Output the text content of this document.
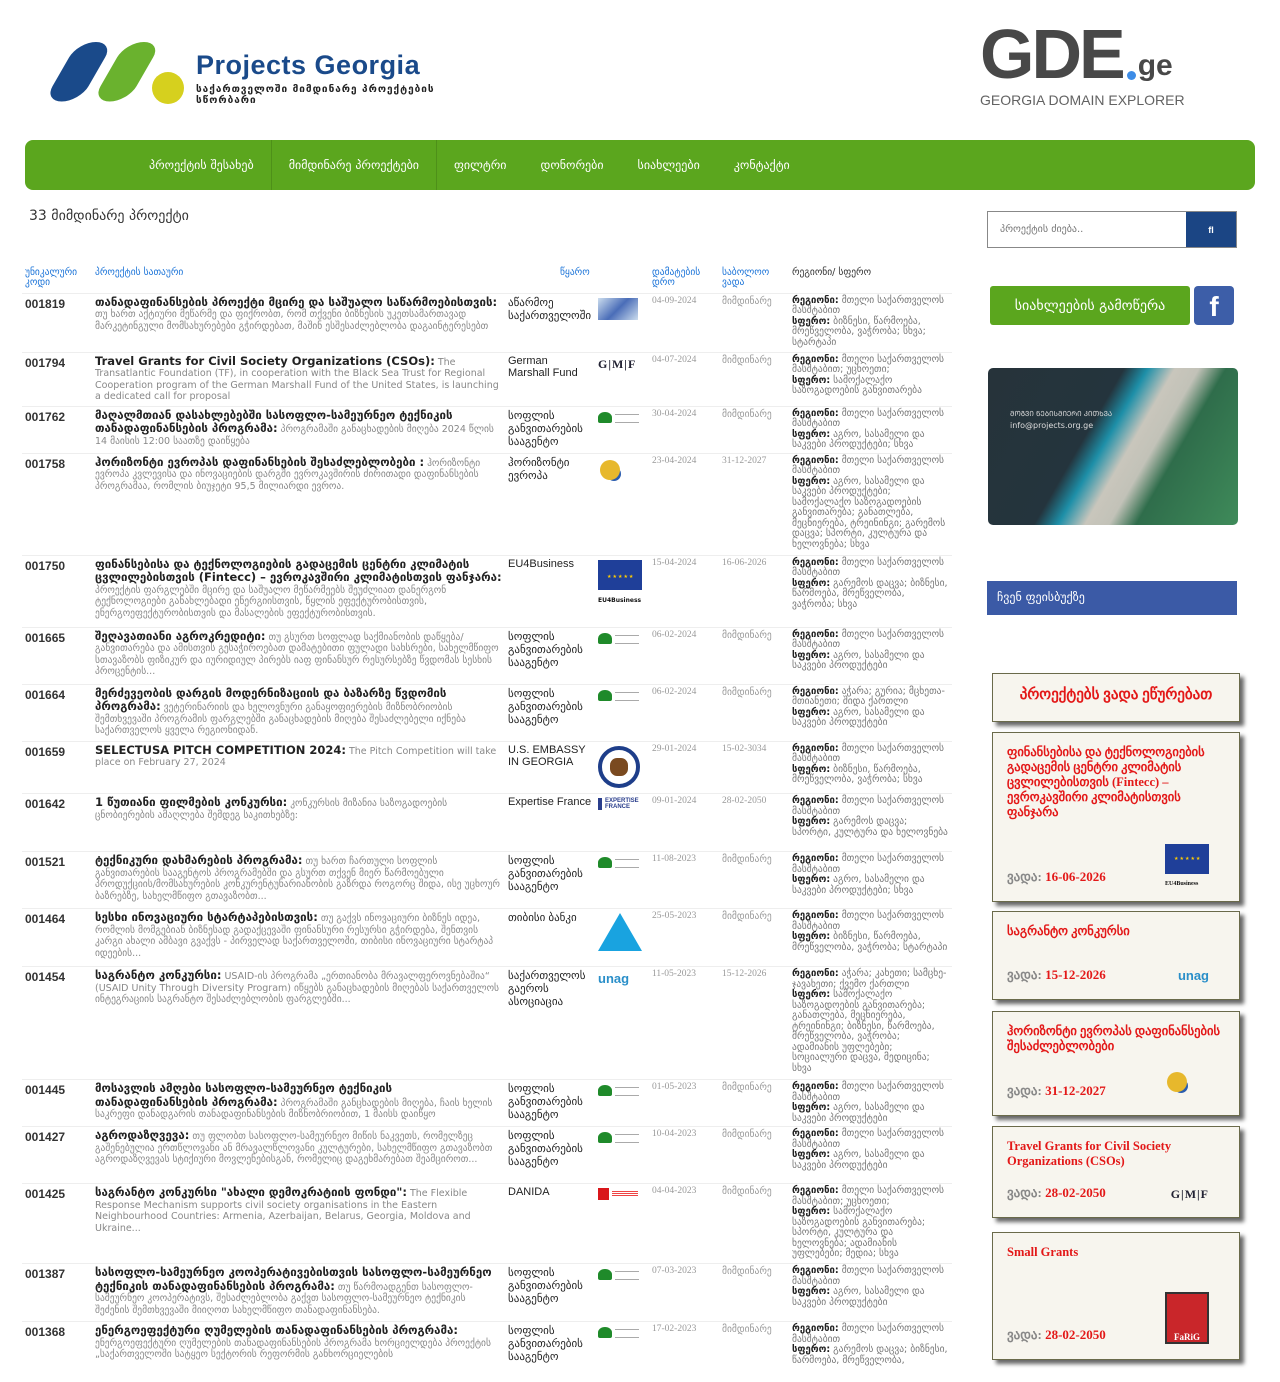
Projects Georgia
საქართველოში მიმდინარე პროექტების სწორბარი
პროექტის შესახებ	მიმდინარე პროექტები	ფილტრი	დონორები	სიახლეები	კონტაქტი
33 მიმდინარე პროექტი
უნიკალური კოდი	პროექტის სათაური	წყარო	დამატების დრო	საბოლოო ვადა	რეგიონი/ სფერო
001819	თანადაფინანსების პროექტი მცირე და საშუალო საწარმოებისთვის: თუ ხართ აქტიური მეწარმე და ფიქრობთ, რომ თქვენი ბიზნესის უკეთსამართავად მარკეტინგული მომსახურებები გჭირდებათ, მაშინ ესშესაძლებლობა დაგაინტერესებთ	აწარმოე საქართველოში		04-09-2024	მიმდინარე	რეგიონი: მთელი საქართველოს მასშტაბით
სფერო: ბიზნესი, წარმოება, მრეწველობა, ვაჭრობა; სხვა; სტარტაპი
001794	Travel Grants for Civil Society Organizations (CSOs): The Transatlantic Foundation (TF), in cooperation with the Black Sea Trust for Regional Cooperation program of the German Marshall Fund of the United States, is launching a dedicated call for proposal	German Marshall Fund	G|M|F	04-07-2024	მიმდინარე	რეგიონი: მთელი საქართველოს მასშტაბით; უცხოეთი;
სფერო: სამოქალაქო საზოგადოების განვითარება
001762	მაღალმთიან დასახლებებში სასოფლო-სამეურნეო ტექნიკის თანადაფინანსების პროგრამა: პროგრამაში განაცხადების მიღება 2024 წლის 14 მაისის 12:00 საათზე დაიწყება	სოფლის განვითარების სააგენტო		30-04-2024	მიმდინარე	რეგიონი: მთელი საქართველოს მასშტაბით
სფერო: აგრო, სასამელი და საკვები პროდუქტები; სხვა
001758	ჰორიზონტი ევროპას დაფინანსების შესაძლებლობები : ჰორიზონტი ევროპა კვლევისა და ინოვაციების დარგში ევროკავშირის ძირითადი დაფინანსების პროგრამაა, რომლის ბიუჯეტი 95,5 მილიარდი ევროა.	ჰორიზონტი ევროპა		23-04-2024	31-12-2027	რეგიონი: მთელი საქართველოს მასშტაბით
სფერო: აგრო, სასამელი და საკვები პროდუქტები; სამოქალაქო საზოგადოების განვითარება; განათლება, მეცნიერება, ტრეინინგი; გარემოს დაცვა; სპორტი, კულტურა და ხელოვნება; სხვა
001750	ფინანსებისა და ტექნოლოგიების გადაცემის ცენტრი კლიმატის ცვლილებისთვის (Fintecc) – ევროკავშირი კლიმატისთვის ფანჯარა: პროექტის ფარგლებში მცირე და საშუალო მეწარმეებს შეუძლიათ დანერგონ ტექნოლოგიები განახლებადი ენერგიისთვის, წყლის ეფექტურობისთვის, ენერგოეფექტურობისთვის და მასალების ეფექტურობისთვის.	EU4Business	★★★★★
EU4Business
	15-04-2024	16-06-2026	რეგიონი: მთელი საქართველოს მასშტაბით
სფერო: გარემოს დაცვა; ბიზნესი, წარმოება, მრეწველობა, ვაჭრობა; სხვა
001665	შეღავათიანი აგროკრედიტი: თუ გსურთ სოფლად საქმიანობის დაწყება/ განვითარება და ამისთვის გესაჭიროებათ დამატებითი ფულადი სახსრები, სახელმწიფო სთავაზობს ფიზიკურ და იურიდიულ პირებს იაფ ფინანსურ რესურსებზე წვდომას სესხის პროცენტის...	სოფლის განვითარების სააგენტო		06-02-2024	მიმდინარე	რეგიონი: მთელი საქართველოს მასშტაბით
სფერო: აგრო, სასამელი და საკვები პროდუქტები
001664	მერძევეობის დარგის მოდერნიზაციის და ბაზარზე წვდომის პროგრამა: ვეტერინარიის და ხელოვნური განაყოფიერების მიზნობრიობის შემთხვევაში პროგრამის ფარგლებში განაცხადების მიღება შესაძლებელი იქნება საქართველოს ყველა რეგიონიდან.	სოფლის განვითარების სააგენტო		06-02-2024	მიმდინარე	რეგიონი: აჭარა; გურია; მცხეთა-მთიანეთი; შიდა ქართლი
სფერო: აგრო, სასამელი და საკვები პროდუქტები
001659	SELECTUSA PITCH COMPETITION 2024: The Pitch Competition will take place on February 27, 2024	U.S. EMBASSY IN GEORGIA		29-01-2024	15-02-3034	რეგიონი: მთელი საქართველოს მასშტაბით
სფერო: ბიზნესი, წარმოება, მრეწველობა, ვაჭრობა; სხვა
001642	1 წუთიანი ფილმების კონკურსი: კონკურსის მიზანია საზოგადოების ცნობიერების ამაღლება შემდეგ საკითხებზე:	Expertise France	EXPERTISE FRANCE	09-01-2024	28-02-2050	რეგიონი: მთელი საქართველოს მასშტაბით
სფერო: გარემოს დაცვა; სპორტი, კულტურა და ხელოვნება
001521	ტექნიკური დახმარების პროგრამა: თუ ხართ ჩართული სოფლის განვითარების სააგენტოს პროგრამებში და გსურთ თქვენ მიერ წარმოებული პროდუქციის/მომსახურების კონკურენტუნარიანობის გაზრდა როგორც შიდა, ისე უცხოურ ბაზრებზე, სახელმწიფო გთავაზობთ...	სოფლის განვითარების სააგენტო		11-08-2023	მიმდინარე	რეგიონი: მთელი საქართველოს მასშტაბით
სფერო: აგრო, სასამელი და საკვები პროდუქტები; სხვა
001464	სესხი ინოვაციური სტარტაპებისთვის: თუ გაქვს ინოვაციური ბიზნეს იდეა, რომლის მომგებიან ბიზნესად გადაქცევაში ფინანსური რესურსი გჭირდება, შენთვის კარგი ახალი ამბავი გვაქვს - პირველად საქართველოში, თიბისი ინოვაციური სტარტაპ იდეების...	თიბისი ბანკი		25-05-2023	მიმდინარე	რეგიონი: მთელი საქართველოს მასშტაბით
სფერო: ბიზნესი, წარმოება, მრეწველობა, ვაჭრობა; სტარტაპი
001454	საგრანტო კონკურსი: USAID-ის პროგრამა „ერთიანობა მრავალფეროვნებაშია“ (USAID Unity Through Diversity Program) იწყებს განაცხადების მიღებას საქართველოს ინტეგრაციის საგრანტო შესაძლებლობის ფარგლებში...	საქართველოს გაეროს ასოციაცია	unag	11-05-2023	15-12-2026	რეგიონი: აჭარა; კახეთი; სამცხე-ჯავახეთი; ქვემო ქართლი
სფერო: სამოქალაქო საზოგადოების განვითარება; განათლება, მეცნიერება, ტრეინინგი; ბიზნესი, წარმოება, მრეწველობა, ვაჭრობა; ადამიანის უფლებები; სოციალური დაცვა, მედიცინა; სხვა
001445	მოსავლის ამღები სასოფლო-სამეურნეო ტექნიკის თანადაფინანსების პროგრამა: პროგრამაში განცხადების მიღება, ჩაის ხელის საკრეფი დანადგარის თანადაფინანსების მიზნობრიობით, 1 მაისს დაიწყო	სოფლის განვითარების სააგენტო		01-05-2023	მიმდინარე	რეგიონი: მთელი საქართველოს მასშტაბით
სფერო: აგრო, სასამელი და საკვები პროდუქტები
001427	აგროდაზღვევა: თუ ფლობთ სასოფლო-სამეურნეო მიწის ნაკვეთს, რომელზეც გაშენებულია ერთწლოვანი ან მრავალწლოვანი კულტურები, სახელმწიფო გთავაზობთ აგროდაზღვევას სტიქიური მოვლენებისგან, რომელიც დაგეხმარებათ შეამციროთ...	სოფლის განვითარების სააგენტო		10-04-2023	მიმდინარე	რეგიონი: მთელი საქართველოს მასშტაბით
სფერო: აგრო, სასამელი და საკვები პროდუქტები
001425	საგრანტო კონკურსი "ახალი დემოკრატიის ფონდი": The Flexible Response Mechanism supports civil society organisations in the Eastern Neighbourhood Countries: Armenia, Azerbaijan, Belarus, Georgia, Moldova and Ukraine...	DANIDA		04-04-2023	მიმდინარე	რეგიონი: მთელი საქართველოს მასშტაბით; უცხოეთი;
სფერო: სამოქალაქო საზოგადოების განვითარება; სპორტი, კულტურა და ხელოვნება; ადამიანის უფლებები; მედია; სხვა
001387	სასოფლო-სამეურნეო კოოპერატივებისთვის სასოფლო-სამეურნეო ტექნიკის თანადაფინანსების პროგრამა: თუ წარმოადგენთ სასოფლო-სამეურნეო კოოპერატივს, შესაძლებლობა გაქვთ სასოფლო-სამეურნეო ტექნიკის შეძენის შემთხვევაში მიიღოთ სახელმწიფო თანადაფინანსება.	სოფლის განვითარების სააგენტო		07-03-2023	მიმდინარე	რეგიონი: მთელი საქართველოს მასშტაბით
სფერო: აგრო, სასამელი და საკვები პროდუქტები
001368	ენერგოეფექტური ღუმელების თანადაფინანსების პროგრამა: ენერგოეფექტური ღუმელების თანადაფინანსების პროგრამა ხორციელდება პროექტის „საქართველოში სატყეო სექტორის რეფორმის განხორციელების	სოფლის განვითარების სააგენტო		17-02-2023	მიმდინარე	რეგიონი: მთელი საქართველოს მასშტაბით
სფერო: გარემოს დაცვა; ბიზნესი, წარმოება, მრეწველობა,
პროექტის ძიება..
fl
სიახლეების გამოწერა	f
ᲛᲝᲒᲕᲘ ᲜᲔᲑᲘᲡᲛᲘᲔᲠᲘ ᲙᲘᲗᲮᲕᲐ
info@projects.org.ge
ჩვენ ფეისბუქზე
პროექტებს ვადა ეწურებათ
ფინანსებისა და ტექნოლოგიების გადაცემის ცენტრი კლიმატის ცვლილებისთვის (Fintecc) – ევროკავშირი კლიმატისთვის ფანჯარა
ვადა: 16-06-2026
★★★★★	EU4Business
საგრანტო კონკურსი
ვადა: 15-12-2026	unag
ჰორიზონტი ევროპას დაფინანსების შესაძლებლობები
ვადა: 31-12-2027
Travel Grants for Civil Society Organizations (CSOs)
ვადა: 28-02-2050	G|M|F
Small Grants
ვადა: 28-02-2050	FaRiG
GDE ge
GEORGIA DOMAIN EXPLORER
